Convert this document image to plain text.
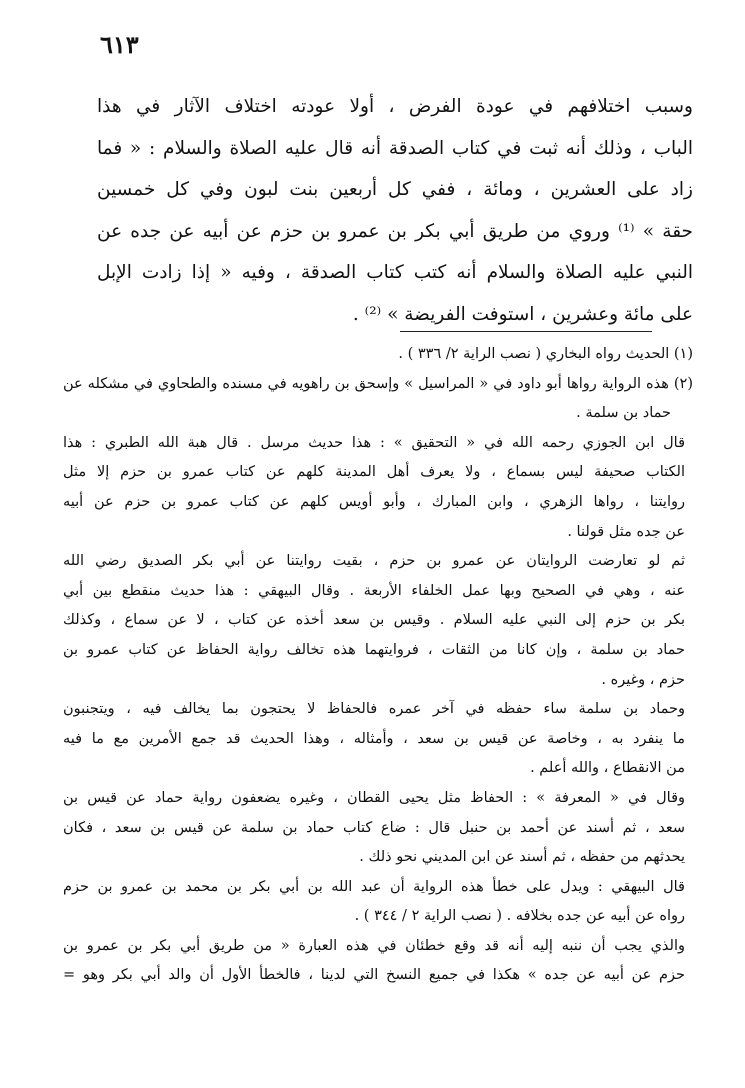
٦١٣
وسبب اختلافهم في عودة الفرض ، أولا عودته اختلاف الآثار في هذا
الباب ، وذلك أنه ثبت في كتاب الصدقة أنه قال عليه الصلاة والسلام : « فما
زاد على العشرين ، ومائة ، ففي كل أربعين بنت لبون وفي كل خمسين
حقة » ⁽¹⁾ وروي من طريق أبي بكر بن عمرو بن حزم عن أبيه عن جده عن
النبي عليه الصلاة والسلام أنه كتب كتاب الصدقة ، وفيه « إذا زادت الإبل
على مائة وعشرين ، استوفت الفريضة » ⁽²⁾ .
(١) الحديث رواه البخاري ( نصب الراية ٢/ ٣٣٦ ) .
(٢) هذه الرواية رواها أبو داود في « المراسيل » وإسحق بن راهويه في مسنده والطحاوي في مشكله عن
حماد بن سلمة .
قال ابن الجوزي رحمه الله في « التحقيق » : هذا حديث مرسل . قال هبة الله الطبري : هذا
الكتاب صحيفة ليس بسماع ، ولا يعرف أهل المدينة كلهم عن كتاب عمرو بن حزم إلا مثل
روايتنا ، رواها الزهري ، وابن المبارك ، وأبو أويس كلهم عن كتاب عمرو بن حزم عن أبيه
عن جده مثل قولنا .
ثم لو تعارضت الروايتان عن عمرو بن حزم ، بقيت روايتنا عن أبي بكر الصديق رضي الله
عنه ، وهي في الصحيح وبها عمل الخلفاء الأربعة . وقال البيهقي : هذا حديث منقطع بين أبي
بكر بن حزم إلى النبي عليه السلام . وقيس بن سعد أخذه عن كتاب ، لا عن سماع ، وكذلك
حماد بن سلمة ، وإن كانا من الثقات ، فروايتهما هذه تخالف رواية الحفاظ عن كتاب عمرو بن
حزم ، وغيره .
وحماد بن سلمة ساء حفظه في آخر عمره فالحفاظ لا يحتجون بما يخالف فيه ، ويتجنبون
ما ينفرد به ، وخاصة عن قيس بن سعد ، وأمثاله ، وهذا الحديث قد جمع الأمرين مع ما فيه
من الانقطاع ، والله أعلم .
وقال في « المعرفة » : الحفاظ مثل يحيى القطان ، وغيره يضعفون رواية حماد عن قيس بن
سعد ، ثم أسند عن أحمد بن حنبل قال : ضاع كتاب حماد بن سلمة عن قيس بن سعد ، فكان
يحدثهم من حفظه ، ثم أسند عن ابن المديني نحو ذلك .
قال البيهقي : ويدل على خطأ هذه الرواية أن عبد الله بن أبي بكر بن محمد بن عمرو بن حزم
رواه عن أبيه عن جده بخلافه . ( نصب الراية ٢ / ٣٤٤ ) .
والذي يجب أن ننبه إليه أنه قد وقع خطئان في هذه العبارة « من طريق أبي بكر بن عمرو بن
حزم عن أبيه عن جده » هكذا في جميع النسخ التي لدينا ، فالخطأ الأول أن والد أبي بكر وهو =
